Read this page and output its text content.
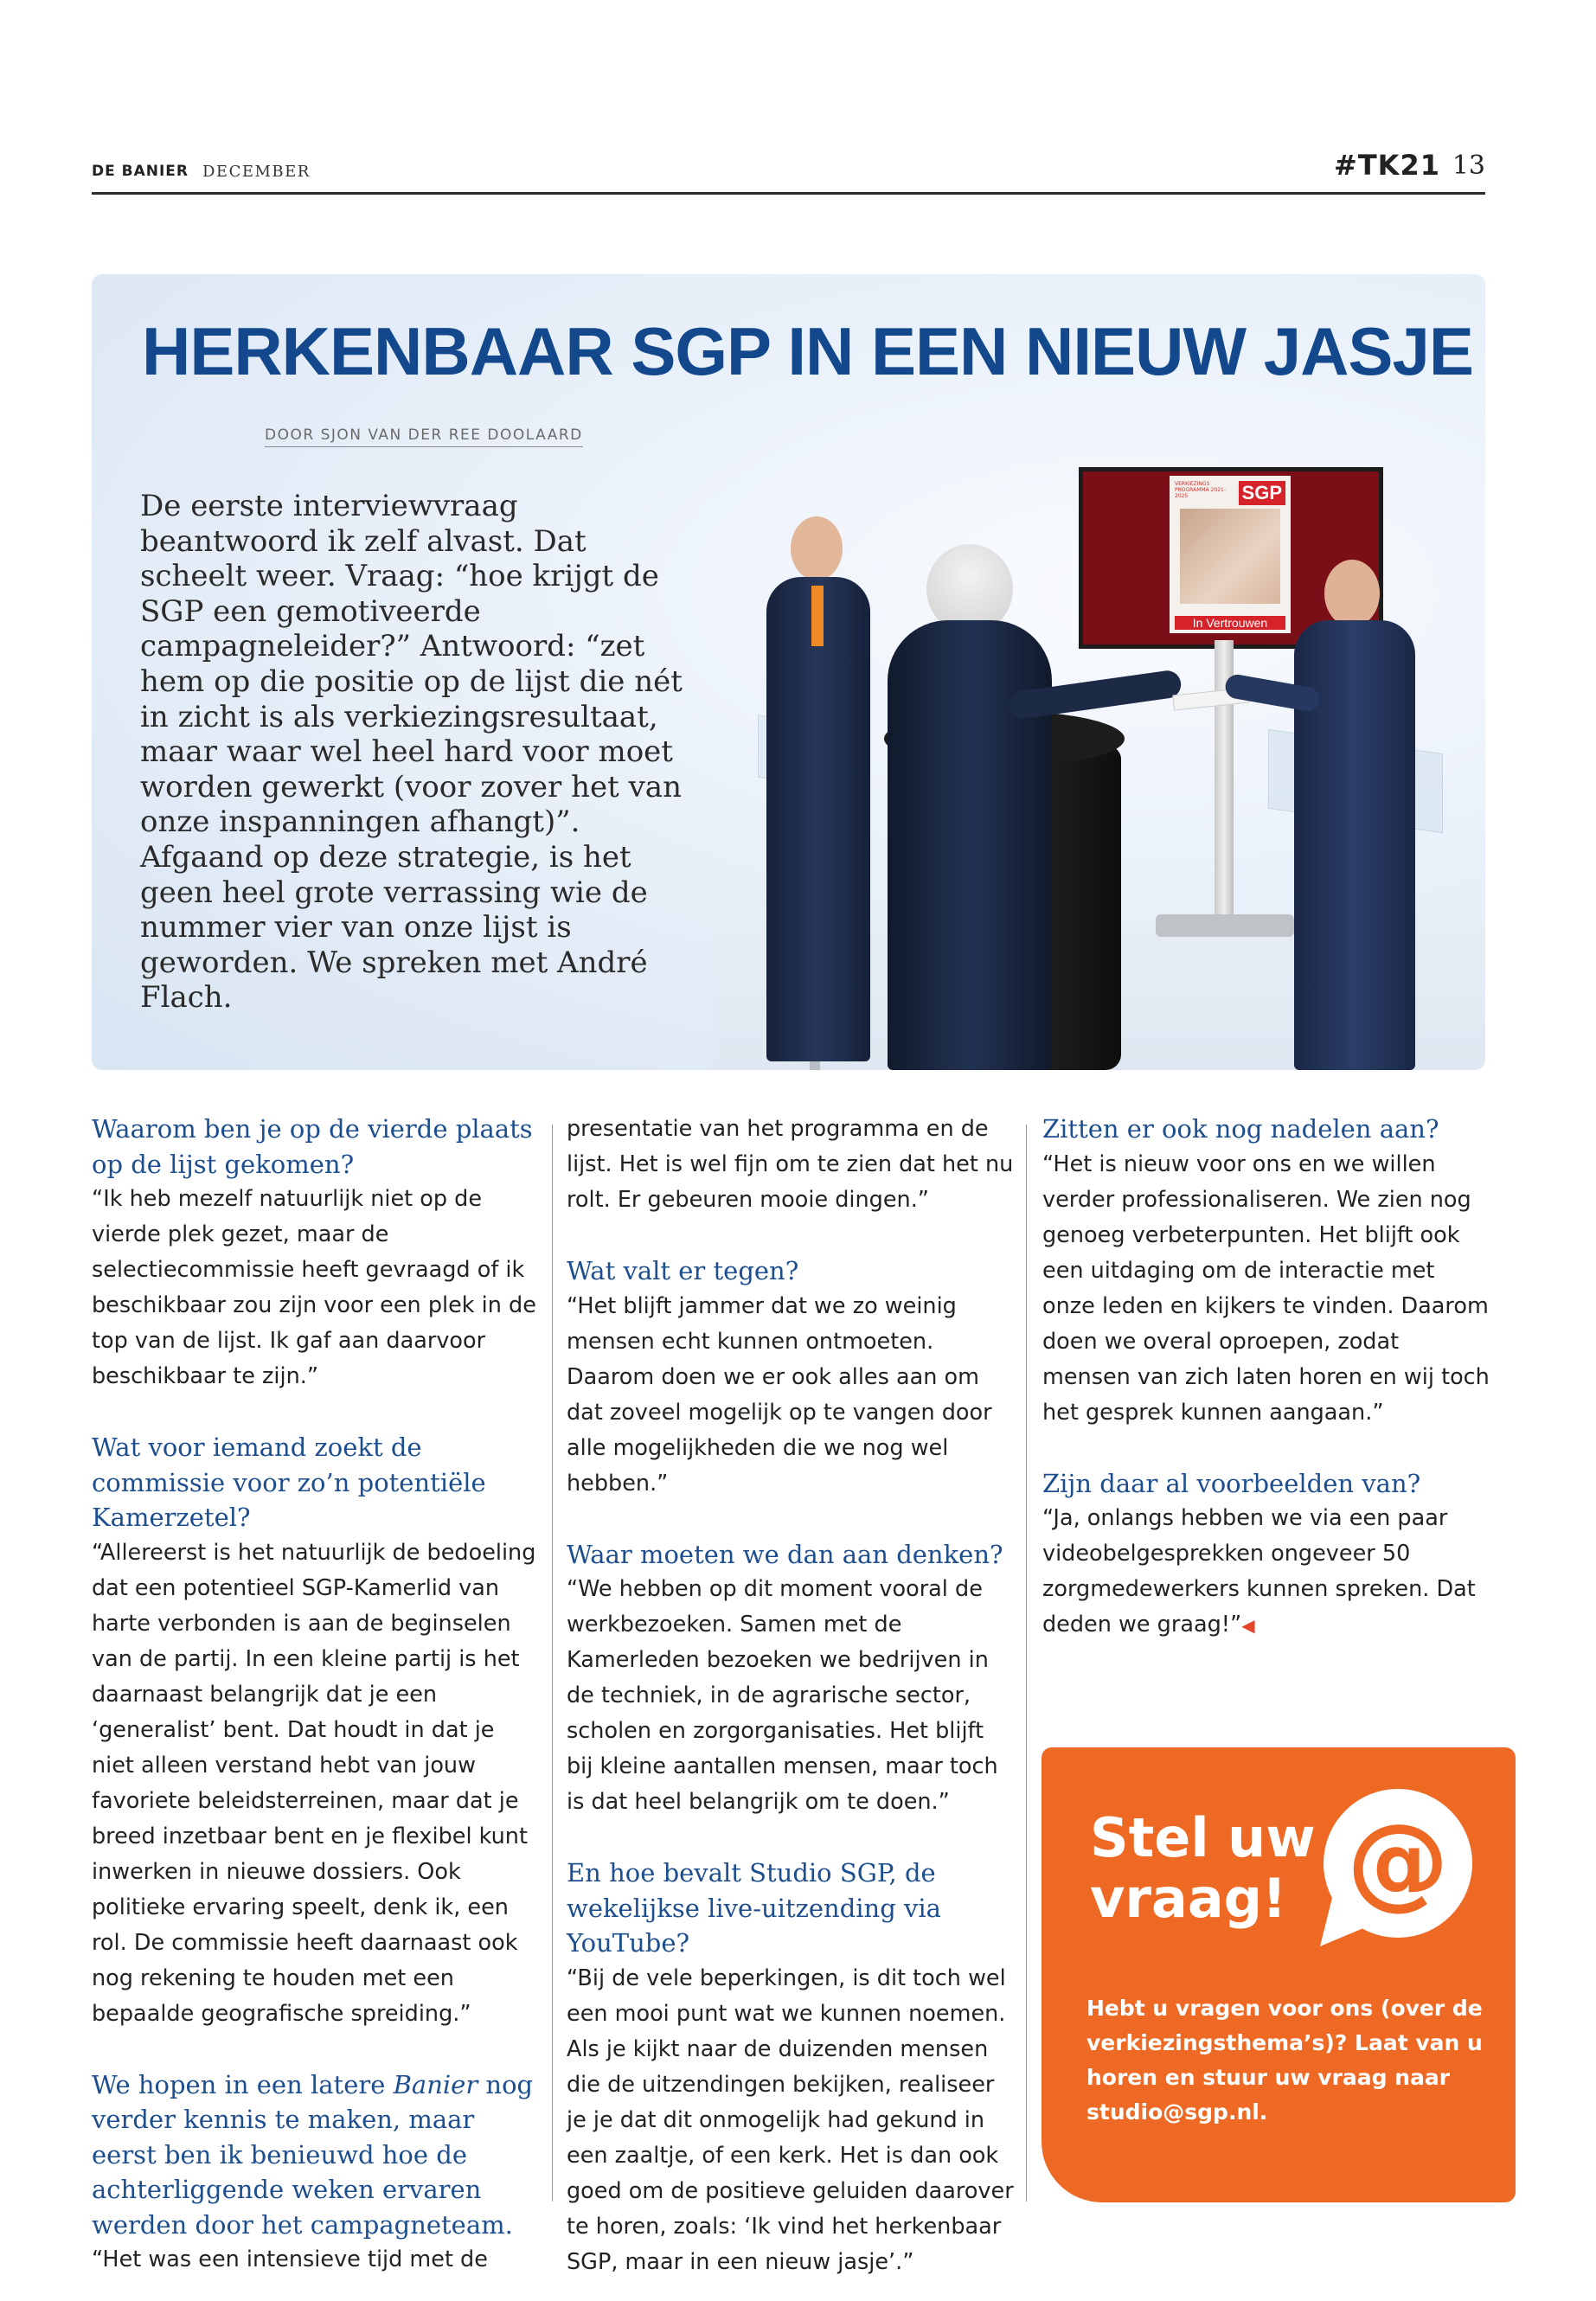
DE BANIER DECEMBER	#TK21 13
HERKENBAAR SGP IN EEN NIEUW JASJE
DOOR SJON VAN DER REE DOOLAARD
De eerste interviewvraag beantwoord ik zelf alvast. Dat scheelt weer. Vraag: “hoe krijgt de SGP een gemotiveerde campagneleider?” Antwoord: “zet hem op die positie op de lijst die nét in zicht is als verkiezingsresultaat, maar waar wel heel hard voor moet worden gewerkt (voor zover het van onze inspanningen afhangt)”. Afgaand op deze strategie, is het geen heel grote verrassing wie de nummer vier van onze lijst is geworden. We spreken met André Flach.
VERKIEZINGS PROGRAMMA 2021-2025	SGP
In Vertrouwen

Waarom ben je op de vierde plaats op de lijst gekomen?

“Ik heb mezelf natuurlijk niet op de vierde plek gezet, maar de selectiecommissie heeft gevraagd of ik beschikbaar zou zijn voor een plek in de top van de lijst. Ik gaf aan daarvoor beschikbaar te zijn.”

Wat voor iemand zoekt de commissie voor zo’n potentiële Kamerzetel?

“Allereerst is het natuurlijk de bedoeling dat een potentieel SGP-Kamerlid van harte verbonden is aan de beginselen van de partij. In een kleine partij is het daarnaast belangrijk dat je een ‘generalist’ bent. Dat houdt in dat je niet alleen verstand hebt van jouw favoriete beleidsterreinen, maar dat je breed inzetbaar bent en je flexibel kunt inwerken in nieuwe dossiers. Ook politieke ervaring speelt, denk ik, een rol. De commissie heeft daarnaast ook nog rekening te houden met een bepaalde geografische spreiding.”

We hopen in een latere Banier nog verder kennis te maken, maar eerst ben ik benieuwd hoe de achterliggende weken ervaren werden door het campagneteam.

“Het was een intensieve tijd met de

presentatie van het programma en de lijst. Het is wel fijn om te zien dat het nu rolt. Er gebeuren mooie dingen.”

Wat valt er tegen?

“Het blijft jammer dat we zo weinig mensen echt kunnen ontmoeten. Daarom doen we er ook alles aan om dat zoveel mogelijk op te vangen door alle mogelijkheden die we nog wel hebben.”

Waar moeten we dan aan denken?

“We hebben op dit moment vooral de werkbezoeken. Samen met de Kamerleden bezoeken we bedrijven in de techniek, in de agrarische sector, scholen en zorgorganisaties. Het blijft bij kleine aantallen mensen, maar toch is dat heel belangrijk om te doen.”

En hoe bevalt Studio SGP, de wekelijkse live-uitzending via YouTube?

“Bij de vele beperkingen, is dit toch wel een mooi punt wat we kunnen noemen. Als je kijkt naar de duizenden mensen die de uitzendingen bekijken, realiseer je je dat dit onmogelijk had gekund in een zaaltje, of een kerk. Het is dan ook goed om de positieve geluiden daarover te horen, zoals: ‘Ik vind het herkenbaar SGP, maar in een nieuw jasje’.”

Zitten er ook nog nadelen aan?

“Het is nieuw voor ons en we willen verder professionaliseren. We zien nog genoeg verbeterpunten. Het blijft ook een uitdaging om de interactie met onze leden en kijkers te vinden. Daarom doen we overal oproepen, zodat mensen van zich laten horen en wij toch het gesprek kunnen aangaan.”

Zijn daar al voorbeelden van?

“Ja, onlangs hebben we via een paar videobelgesprekken ongeveer 50 zorgmedewerkers kunnen spreken. Dat deden we graag!”◀

Stel uw vraag! @
Hebt u vragen voor ons (over de verkiezingsthema’s)? Laat van u horen en stuur uw vraag naar studio@sgp.nl.
